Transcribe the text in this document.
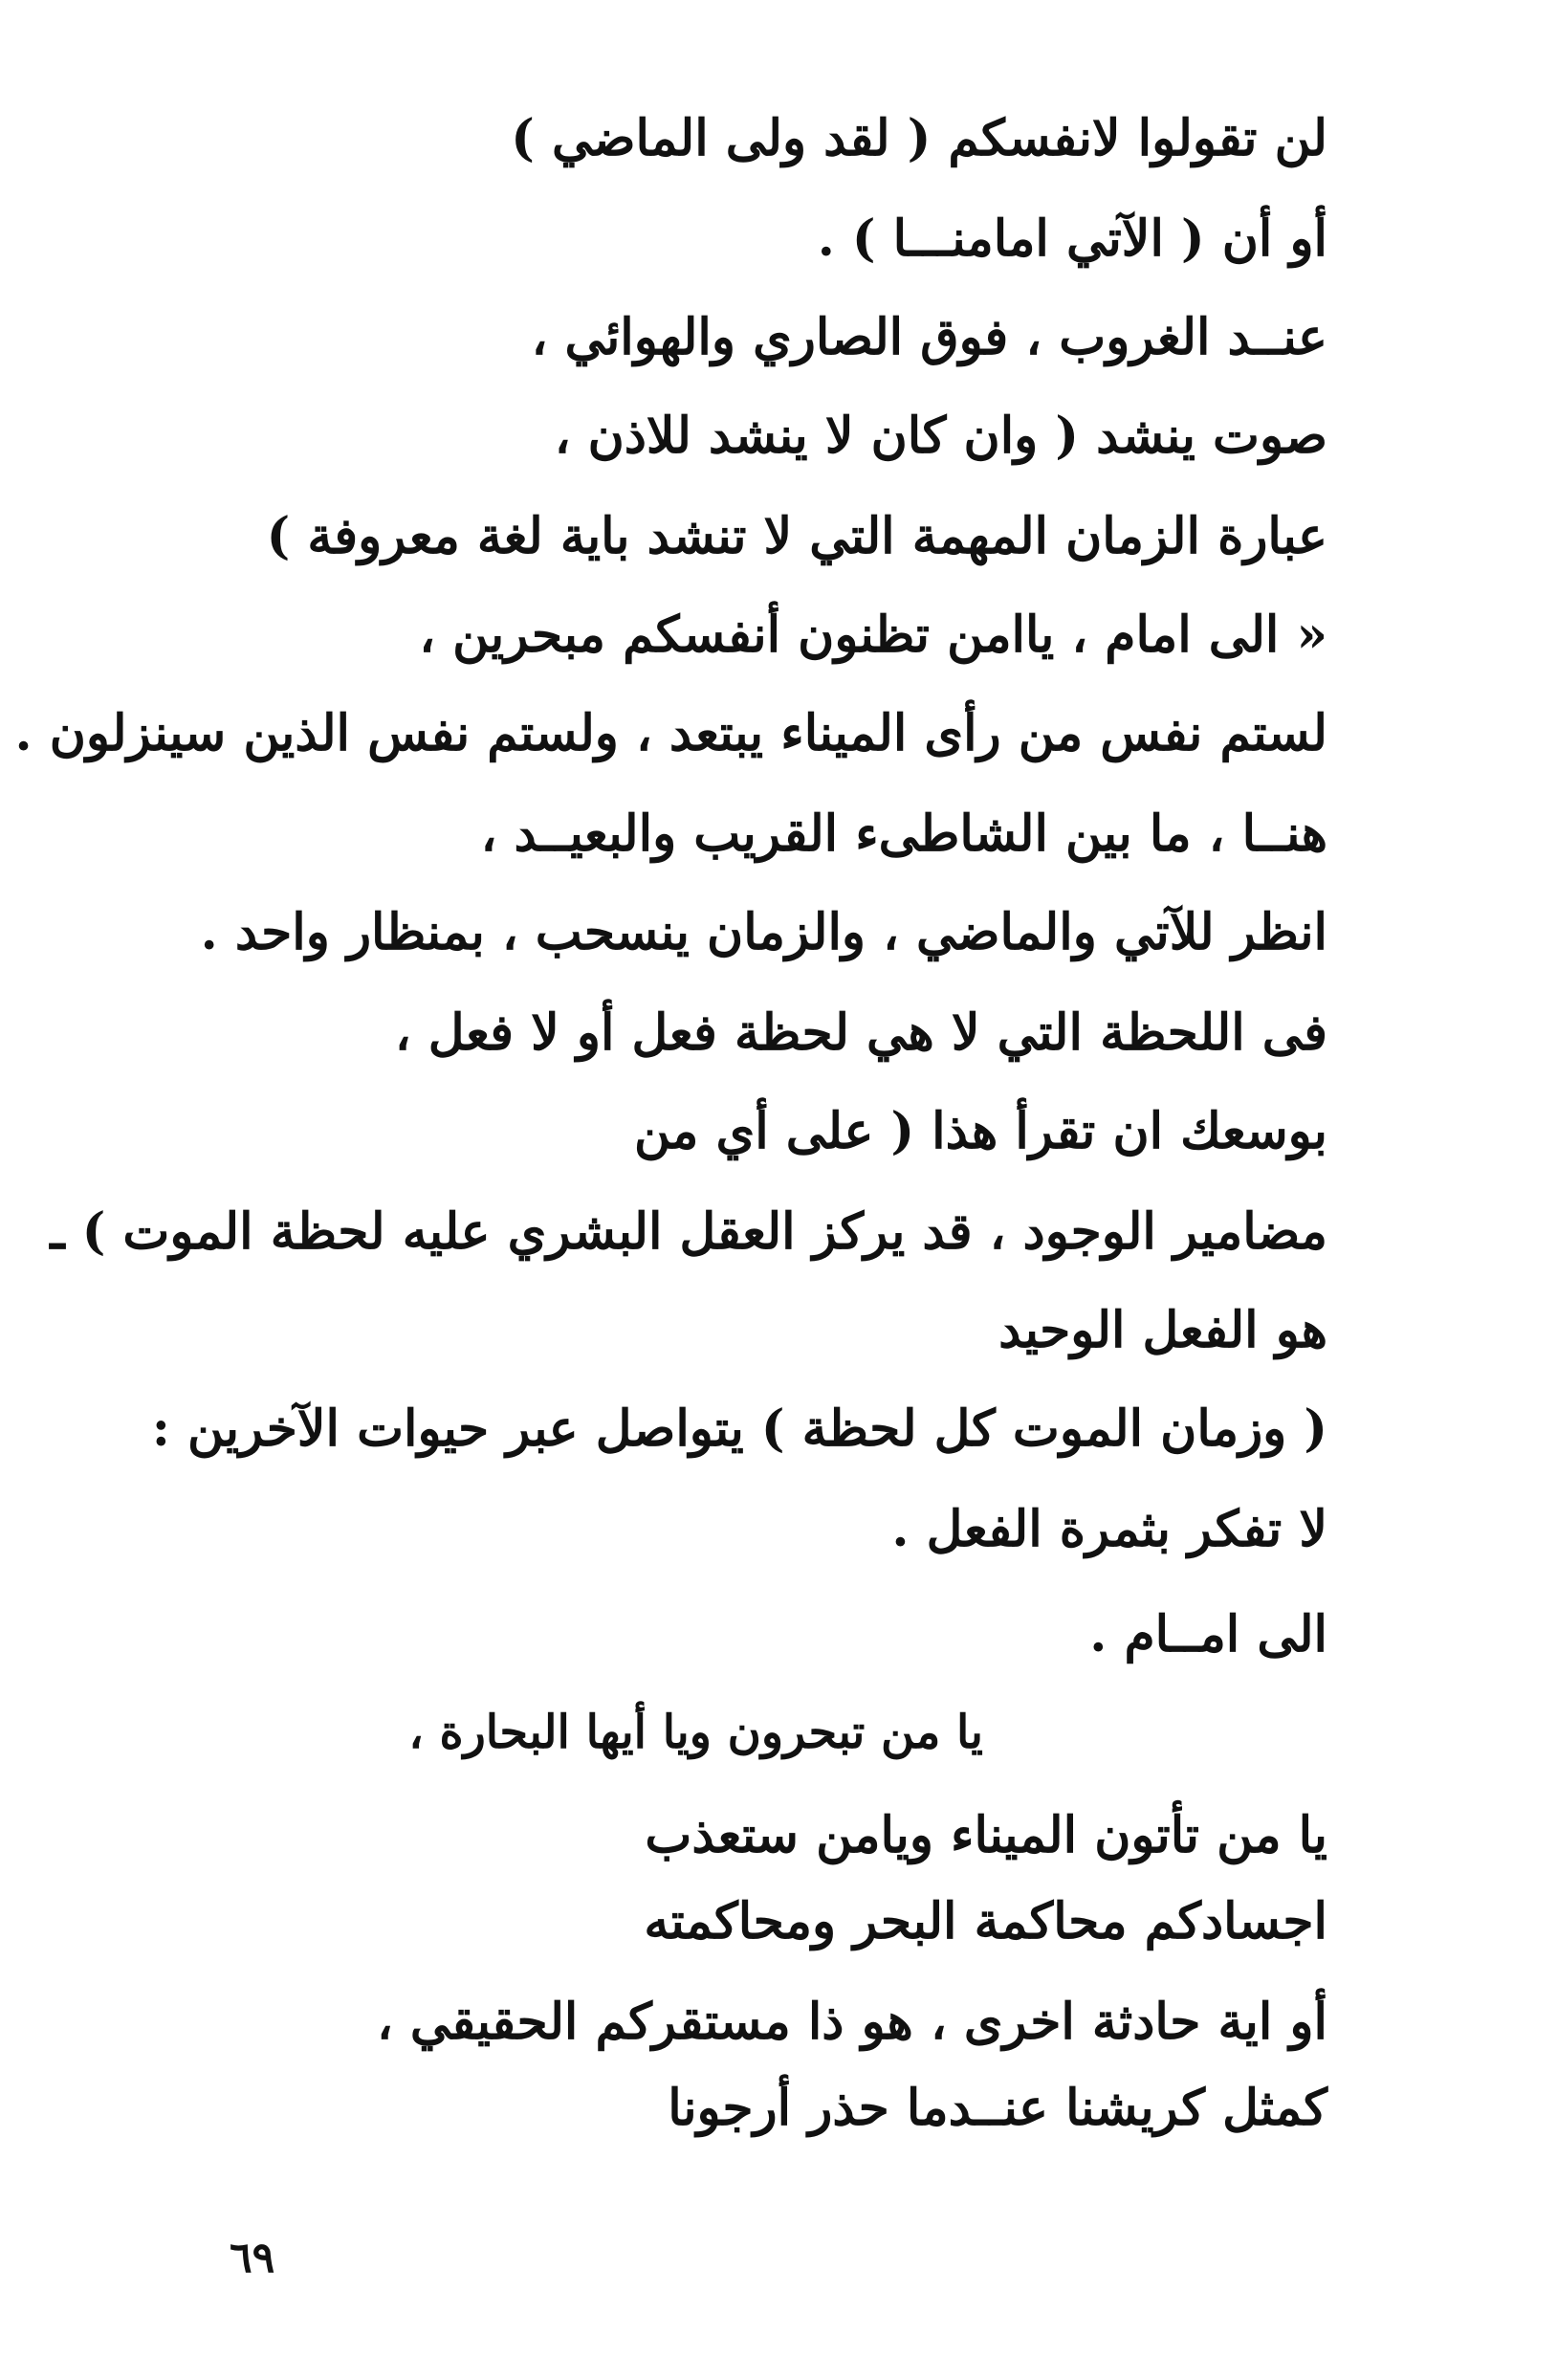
لن تقولوا لانفسكم ( لقد ولى الماضي )
أو أن ( الآتي امامنـــا ) .
عنــد الغروب ، فوق الصاري والهوائي ،
صوت ينشد ( وان كان لا ينشد للاذن ،
عبارة الزمان المهمة التي لا تنشد باية لغة معروفة )
« الى امام ، ياامن تظنون أنفسكم مبحرين ،
لستم نفس من رأى الميناء يبتعد ، ولستم نفس الذين سينزلون .
هنــا ، ما بين الشاطىء القريب والبعيــد ،
انظر للآتي والماضي ، والزمان ينسحب ، بمنظار واحد .
فى اللحظة التي لا هي لحظة فعل أو لا فعل ،
بوسعك ان تقرأ هذا ( على أي من
مضامير الوجود ، قد يركز العقل البشري عليه لحظة الموت ) ـ
هو الفعل الوحيد
( وزمان الموت كل لحظة ) يتواصل عبر حيوات الآخرين :
لا تفكر بثمرة الفعل .
الى امــام .
يا من تبحرون ويا أيها البحارة ،
يا من تأتون الميناء ويامن ستعذب
اجسادكم محاكمة البحر ومحاكمته
أو اية حادثة اخرى ، هو ذا مستقركم الحقيقي ،
كمثل كريشنا عنــدما حذر أرجونا
٦٩
